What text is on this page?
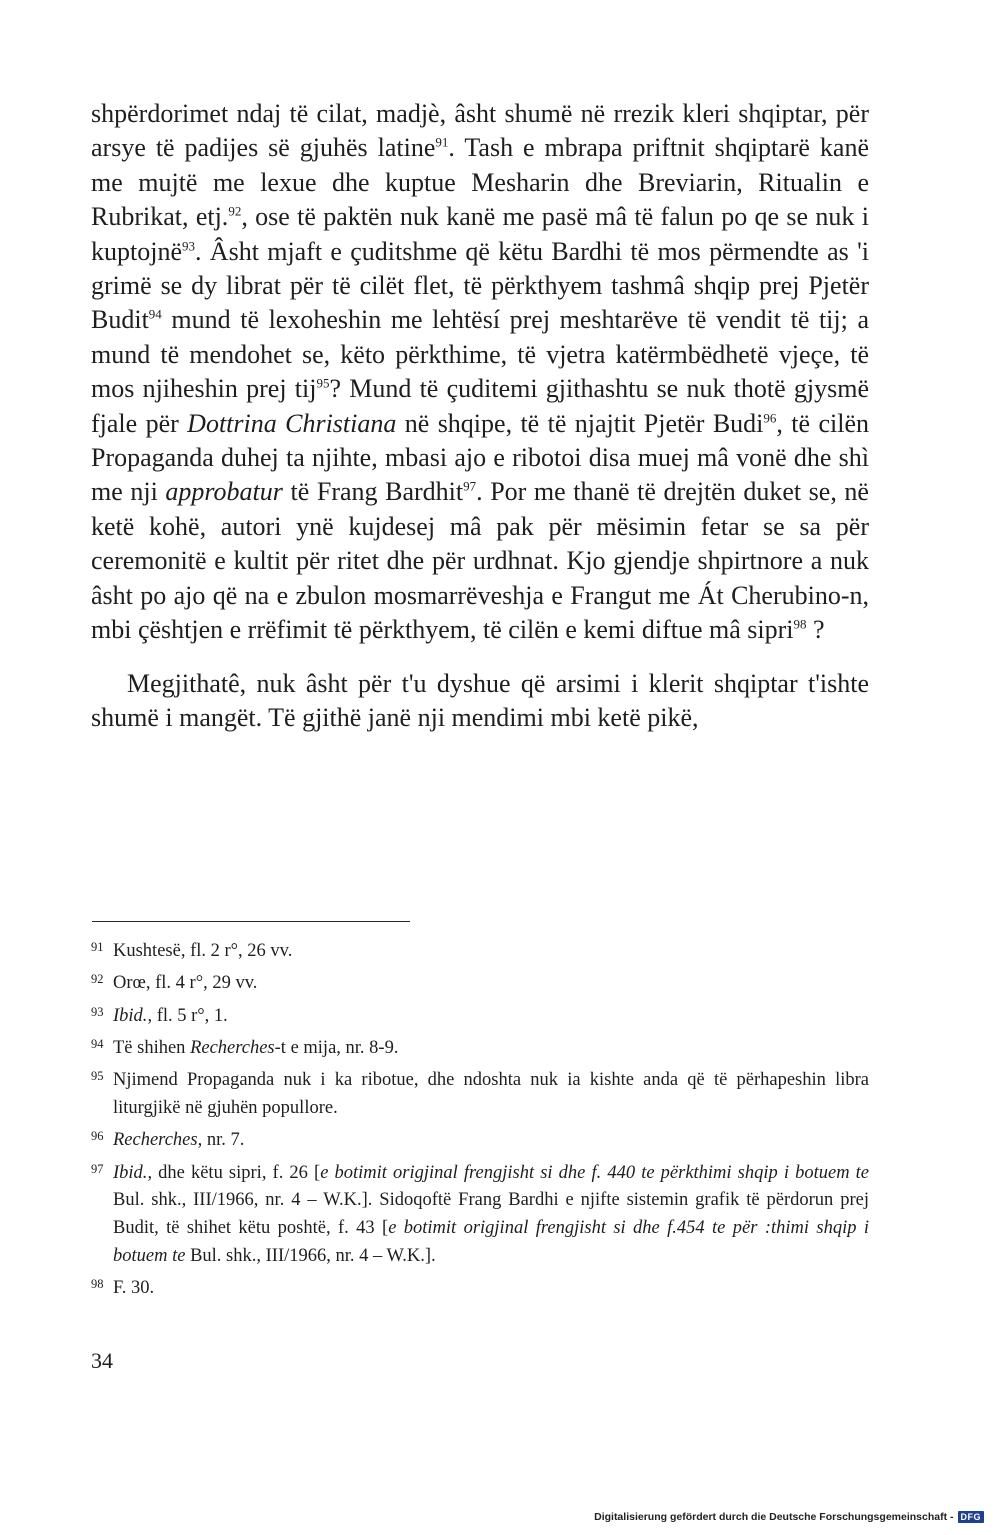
shpërdorimet ndaj të cilat, madjè, âsht shumë në rrezik kleri shqiptar, për arsye të padijes së gjuhës latine$^{91}$. Tash e mbrapa priftnit shqiptarë kanë me mujtë me lexue dhe kuptue Mesharin dhe Breviarin, Ritualin e Rubrikat, etj.$^{92}$, ose të paktën nuk kanë me pasë mâ të falun po qe se nuk i kuptojnë$^{93}$. Âsht mjaft e çuditshme që këtu Bardhi të mos përmendte as 'i grimë se dy librat për të cilët flet, të përkthyem tashmâ shqip prej Pjetër Budit$^{94}$ mund të lexoheshin me lehtësí prej meshtarëve të vendit të tij; a mund të mendohet se, këto përkthime, të vjetra katërmbëdhetë vjeçe, të mos njiheshin prej tij$^{95}$? Mund të çuditemi gjithashtu se nuk thotë gjysmë fjale për Dottrina Christiana në shqipe, të të njajtit Pjetër Budi$^{96}$, të cilën Propaganda duhej ta njihte, mbasi ajo e ribotoi disa muej mâ vonë dhe shì me nji approbatur të Frang Bardhit$^{97}$. Por me thanë të drejtën duket se, në ketë kohë, autori ynë kujdesej mâ pak për mësimin fetar se sa për ceremonitë e kultit për ritet dhe për urdhnat. Kjo gjendje shpirtnore a nuk âsht po ajo që na e zbulon mosmarrëveshja e Frangut me Át Cherubino-n, mbi çështjen e rrëfimit të përkthyem, të cilën e kemi diftue mâ sipri$^{98}$ ?

Megjithatê, nuk âsht për t'u dyshue që arsimi i klerit shqiptar t'ishte shumë i mangët. Të gjithë janë nji mendimi mbi ketë pikë,

91 Kushtesë, fl. 2 r°, 26 vv.
92 Orœ, fl. 4 r°, 29 vv.
93 Ibid., fl. 5 r°, 1.
94 Të shihen Recherches-t e mija, nr. 8-9.
95 Njimend Propaganda nuk i ka ribotue, dhe ndoshta nuk ia kishte anda që të përhapeshin libra liturgjikë në gjuhën popullore.
96 Recherches, nr. 7.
97 Ibid., dhe këtu sipri, f. 26 [e botimit origjinal frengjisht si dhe f. 440 te përkthimi shqip i botuem te Bul. shk., III/1966, nr. 4 – W.K.]. Sidoqoftë Frang Bardhi e njifte sistemin grafik të përdorun prej Budit, të shihet këtu poshtë, f. 43 [e botimit origjinal frengjisht si dhe f.454 te për :thimi shqip i botuem te Bul. shk., III/1966, nr. 4 – W.K.].
98 F. 30.
34
Digitalisierung gefördert durch die Deutsche Forschungsgemeinschaft - DFG
